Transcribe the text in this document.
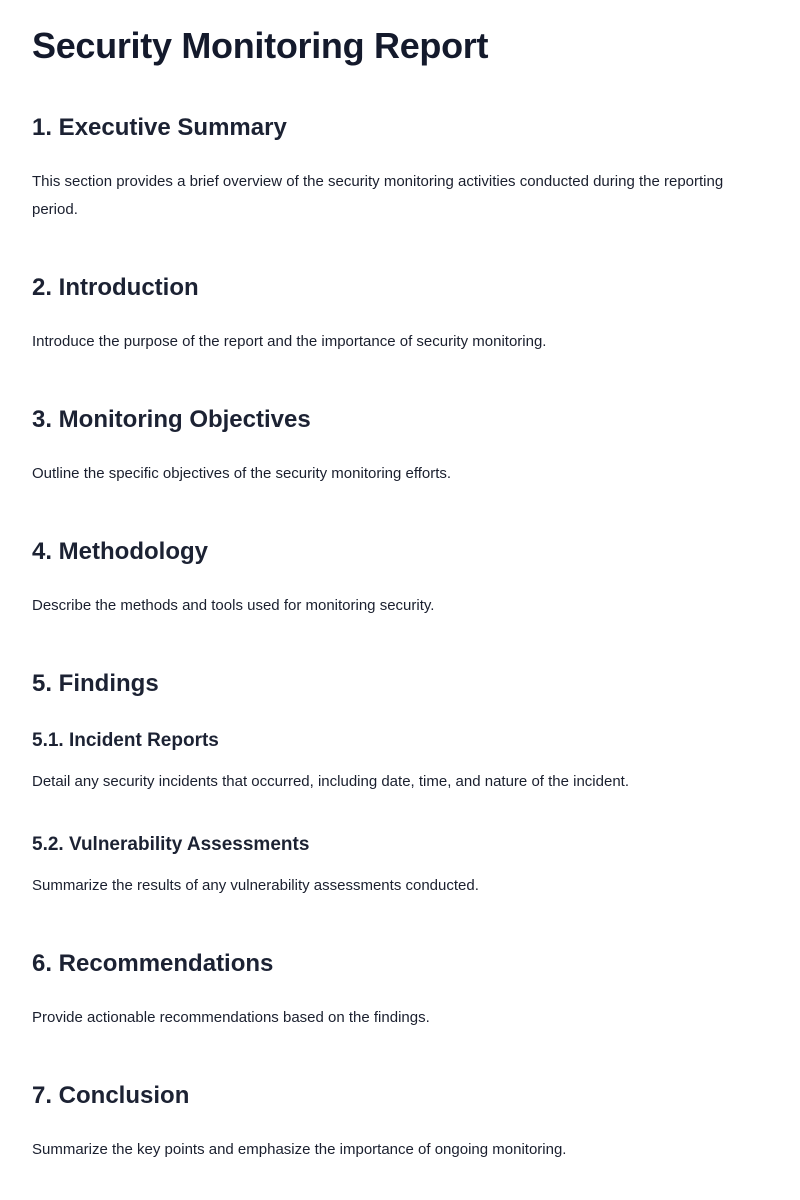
Security Monitoring Report
1. Executive Summary

This section provides a brief overview of the security monitoring activities conducted during the reporting period.

2. Introduction

Introduce the purpose of the report and the importance of security monitoring.

3. Monitoring Objectives

Outline the specific objectives of the security monitoring efforts.

4. Methodology

Describe the methods and tools used for monitoring security.

5. Findings
5.1. Incident Reports

Detail any security incidents that occurred, including date, time, and nature of the incident.

5.2. Vulnerability Assessments

Summarize the results of any vulnerability assessments conducted.

6. Recommendations

Provide actionable recommendations based on the findings.

7. Conclusion

Summarize the key points and emphasize the importance of ongoing monitoring.
